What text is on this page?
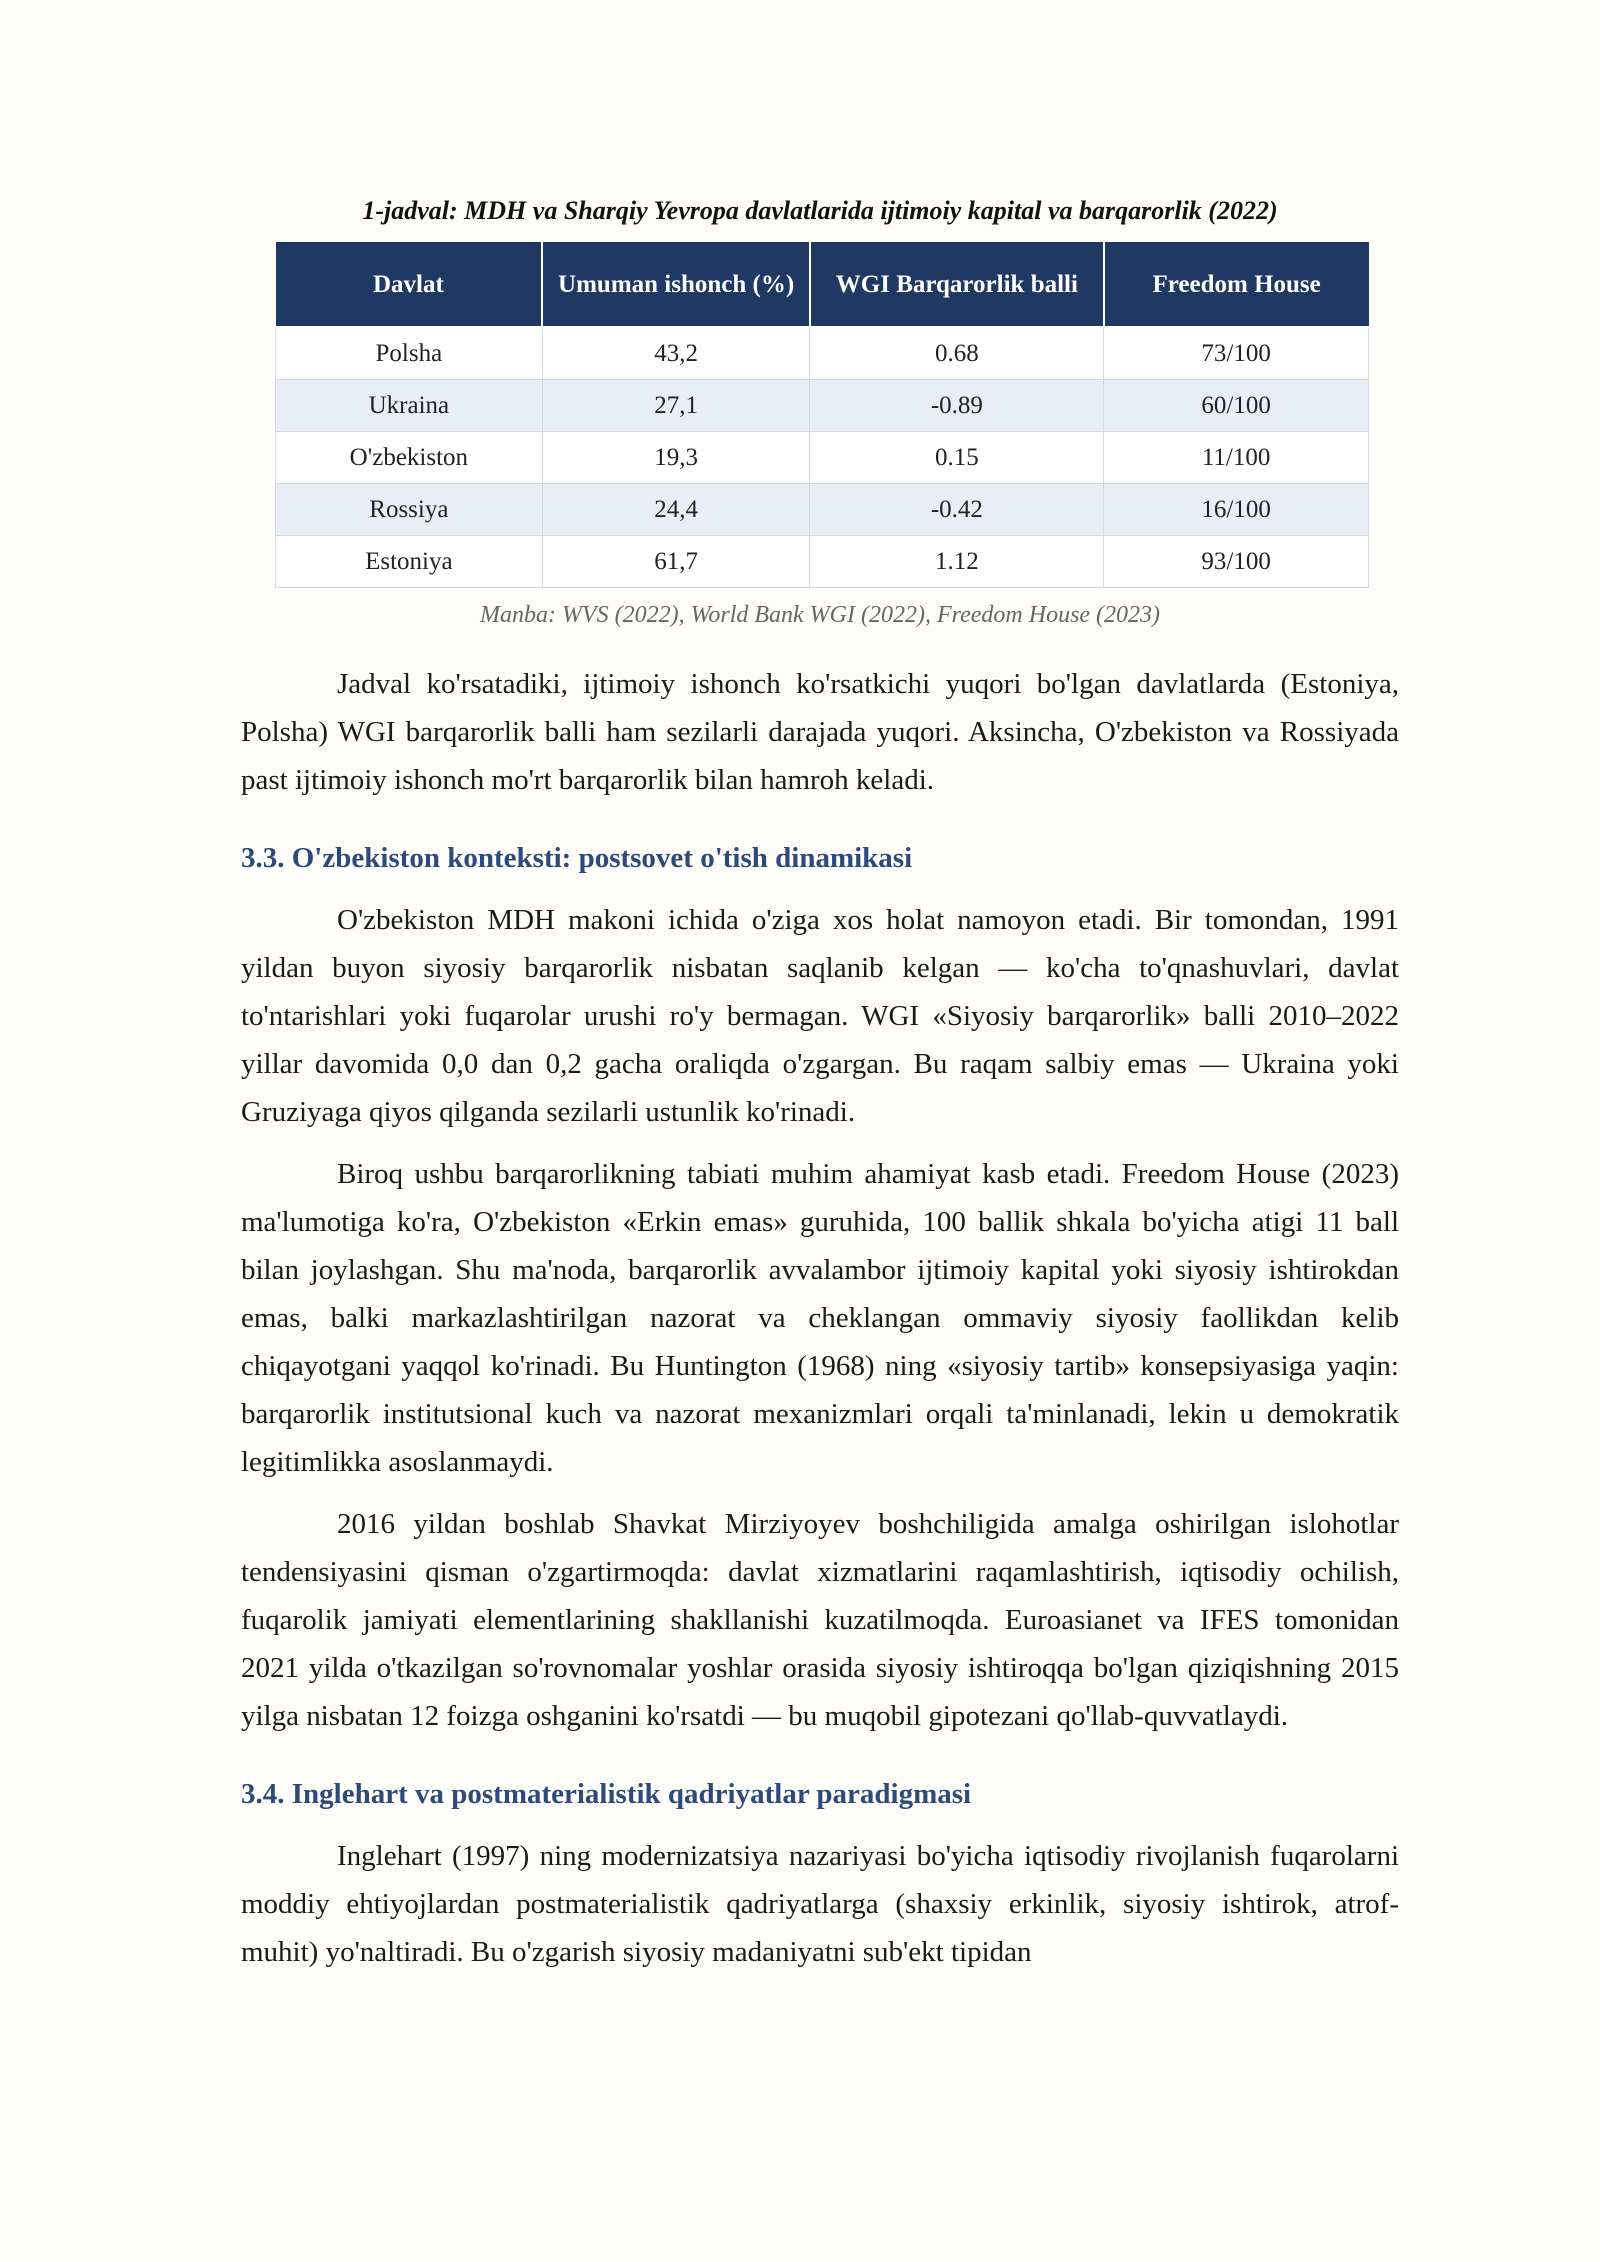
1-jadval: MDH va Sharqiy Yevropa davlatlarida ijtimoiy kapital va barqarorlik (2022)

Davlat	Umuman ishonch (%)	WGI Barqarorlik balli	Freedom House
Polsha	43,2	0.68	73/100
Ukraina	27,1	-0.89	60/100
O'zbekiston	19,3	0.15	11/100
Rossiya	24,4	-0.42	16/100
Estoniya	61,7	1.12	93/100

Manba: WVS (2022), World Bank WGI (2022), Freedom House (2023)

Jadval ko'rsatadiki, ijtimoiy ishonch ko'rsatkichi yuqori bo'lgan davlatlarda (Estoniya, Polsha) WGI barqarorlik balli ham sezilarli darajada yuqori. Aksincha, O'zbekiston va Rossiyada past ijtimoiy ishonch mo'rt barqarorlik bilan hamroh keladi.

3.3. O'zbekiston konteksti: postsovet o'tish dinamikasi

O'zbekiston MDH makoni ichida o'ziga xos holat namoyon etadi. Bir tomondan, 1991 yildan buyon siyosiy barqarorlik nisbatan saqlanib kelgan — ko'cha to'qnashuvlari, davlat to'ntarishlari yoki fuqarolar urushi ro'y bermagan. WGI «Siyosiy barqarorlik» balli 2010–2022 yillar davomida 0,0 dan 0,2 gacha oraliqda o'zgargan. Bu raqam salbiy emas — Ukraina yoki Gruziyaga qiyos qilganda sezilarli ustunlik ko'rinadi.

Biroq ushbu barqarorlikning tabiati muhim ahamiyat kasb etadi. Freedom House (2023) ma'lumotiga ko'ra, O'zbekiston «Erkin emas» guruhida, 100 ballik shkala bo'yicha atigi 11 ball bilan joylashgan. Shu ma'noda, barqarorlik avvalambor ijtimoiy kapital yoki siyosiy ishtirokdan emas, balki markazlashtirilgan nazorat va cheklangan ommaviy siyosiy faollikdan kelib chiqayotgani yaqqol ko'rinadi. Bu Huntington (1968) ning «siyosiy tartib» konsepsiyasiga yaqin: barqarorlik institutsional kuch va nazorat mexanizmlari orqali ta'minlanadi, lekin u demokratik legitimlikka asoslanmaydi.

2016 yildan boshlab Shavkat Mirziyoyev boshchiligida amalga oshirilgan islohotlar tendensiyasini qisman o'zgartirmoqda: davlat xizmatlarini raqamlashtirish, iqtisodiy ochilish, fuqarolik jamiyati elementlarining shakllanishi kuzatilmoqda. Euroasianet va IFES tomonidan 2021 yilda o'tkazilgan so'rovnomalar yoshlar orasida siyosiy ishtiroqqa bo'lgan qiziqishning 2015 yilga nisbatan 12 foizga oshganini ko'rsatdi — bu muqobil gipotezani qo'llab-quvvatlaydi.

3.4. Inglehart va postmaterialistik qadriyatlar paradigmasi

Inglehart (1997) ning modernizatsiya nazariyasi bo'yicha iqtisodiy rivojlanish fuqarolarni moddiy ehtiyojlardan postmaterialistik qadriyatlarga (shaxsiy erkinlik, siyosiy ishtirok, atrof-muhit) yo'naltiradi. Bu o'zgarish siyosiy madaniyatni sub'ekt tipidan
